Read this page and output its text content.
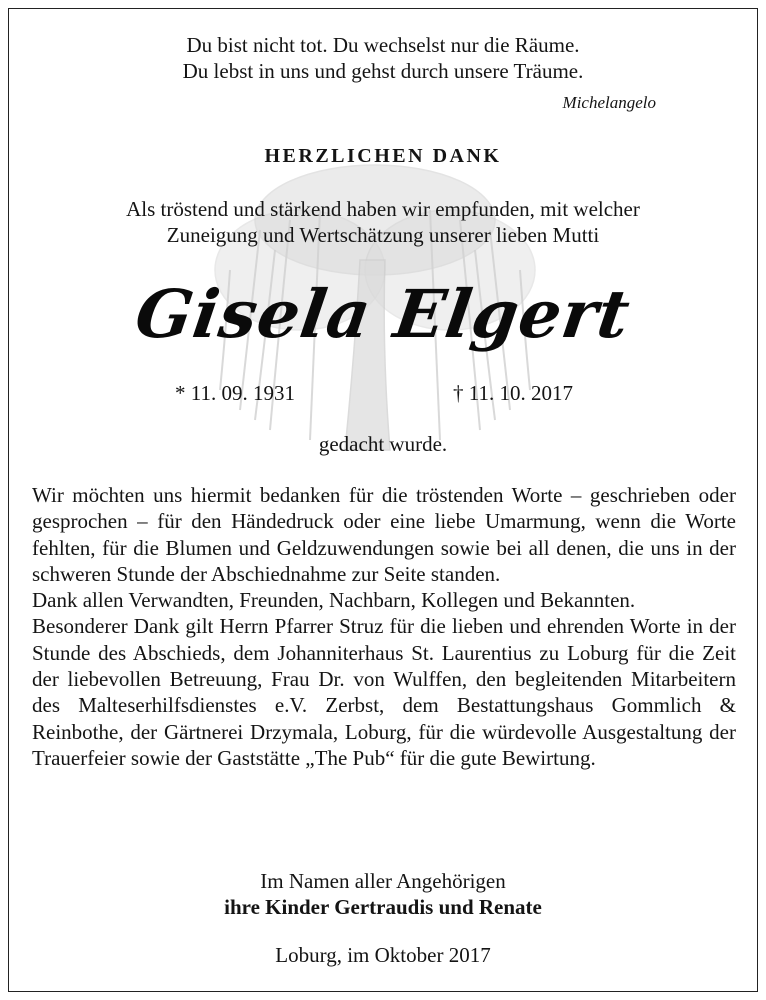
Du bist nicht tot. Du wechselst nur die Räume.
Du lebst in uns und gehst durch unsere Träume.
Michelangelo
HERZLICHEN DANK
Als tröstend und stärkend haben wir empfunden, mit welcher
Zuneigung und Wertschätzung unserer lieben Mutti
Gisela Elgert
* 11. 09. 1931	† 11. 10. 2017
gedacht wurde.

Wir möchten uns hiermit bedanken für die tröstenden Worte – geschrieben oder gesprochen – für den Händedruck oder eine liebe Umarmung, wenn die Worte fehlten, für die Blumen und Geldzuwendungen sowie bei all denen, die uns in der schweren Stunde der Abschiednahme zur Seite standen.

Dank allen Verwandten, Freunden, Nachbarn, Kollegen und Bekannten.

Besonderer Dank gilt Herrn Pfarrer Struz für die lieben und ehrenden Worte in der Stunde des Abschieds, dem Johanniterhaus St. Laurentius zu Loburg für die Zeit der liebevollen Betreuung, Frau Dr. von Wulffen, den begleitenden Mitarbeitern des Malteserhilfsdienstes e.V. Zerbst, dem Bestattungshaus Gommlich & Reinbothe, der Gärtnerei Drzymala, Loburg, für die würdevolle Ausgestaltung der Trauerfeier sowie der Gaststätte „The Pub“ für die gute Bewirtung.

Im Namen aller Angehörigen
ihre Kinder Gertraudis und Renate
Loburg, im Oktober 2017
